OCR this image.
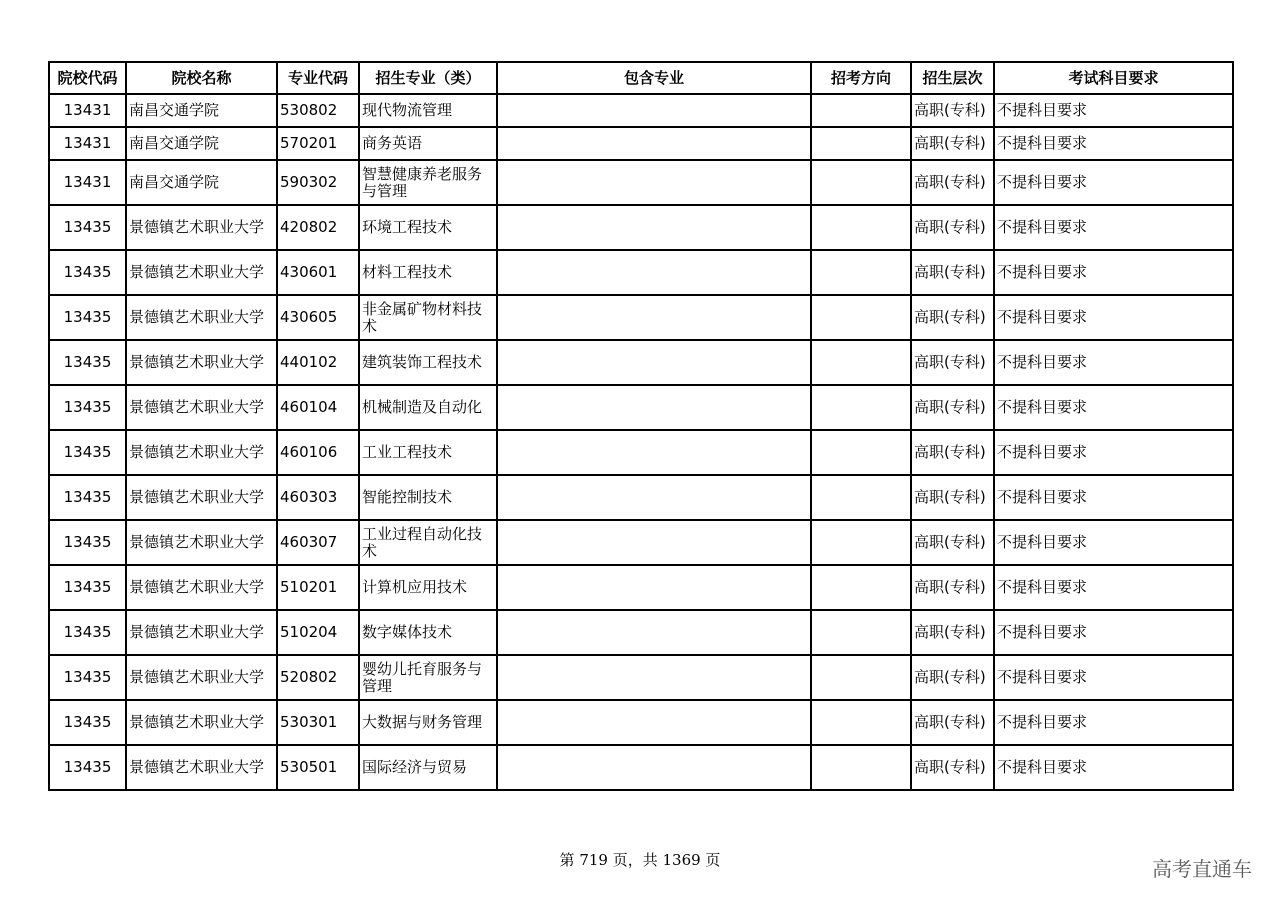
院校代码	院校名称	专业代码	招生专业（类）	包含专业	招考方向	招生层次	考试科目要求
13431	南昌交通学院	530802	现代物流管理			高职(专科)	不提科目要求
13431	南昌交通学院	570201	商务英语			高职(专科)	不提科目要求
13431	南昌交通学院	590302	智慧健康养老服务与管理			高职(专科)	不提科目要求
13435	景德镇艺术职业大学	420802	环境工程技术			高职(专科)	不提科目要求
13435	景德镇艺术职业大学	430601	材料工程技术			高职(专科)	不提科目要求
13435	景德镇艺术职业大学	430605	非金属矿物材料技术			高职(专科)	不提科目要求
13435	景德镇艺术职业大学	440102	建筑装饰工程技术			高职(专科)	不提科目要求
13435	景德镇艺术职业大学	460104	机械制造及自动化			高职(专科)	不提科目要求
13435	景德镇艺术职业大学	460106	工业工程技术			高职(专科)	不提科目要求
13435	景德镇艺术职业大学	460303	智能控制技术			高职(专科)	不提科目要求
13435	景德镇艺术职业大学	460307	工业过程自动化技术			高职(专科)	不提科目要求
13435	景德镇艺术职业大学	510201	计算机应用技术			高职(专科)	不提科目要求
13435	景德镇艺术职业大学	510204	数字媒体技术			高职(专科)	不提科目要求
13435	景德镇艺术职业大学	520802	婴幼儿托育服务与管理			高职(专科)	不提科目要求
13435	景德镇艺术职业大学	530301	大数据与财务管理			高职(专科)	不提科目要求
13435	景德镇艺术职业大学	530501	国际经济与贸易			高职(专科)	不提科目要求
第 719 页，共 1369 页	高考直通车
